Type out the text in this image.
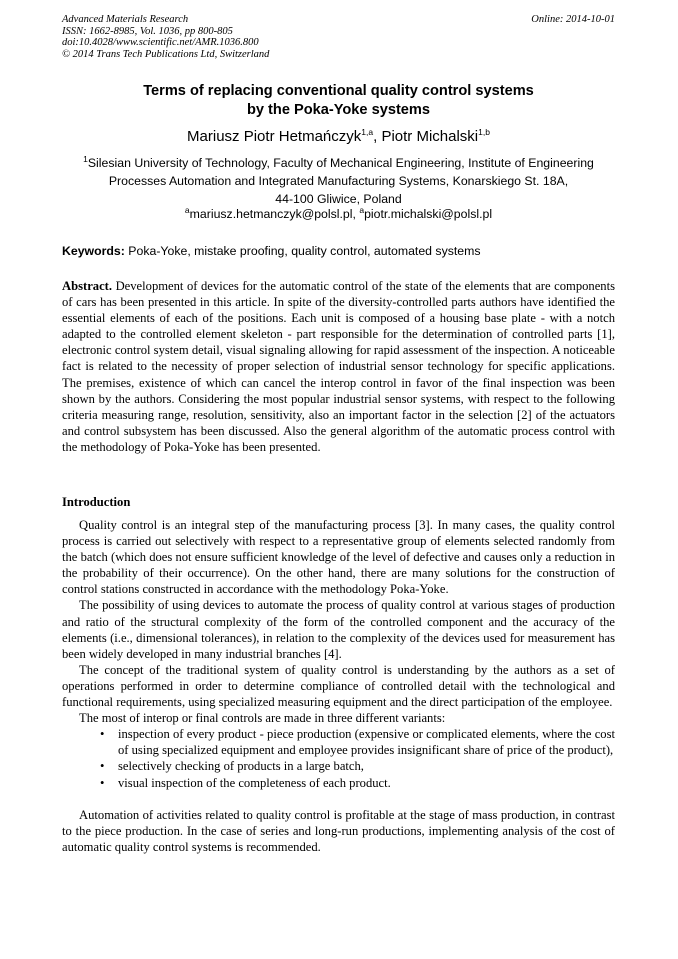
Advanced Materials Research
ISSN: 1662-8985, Vol. 1036, pp 800-805
doi:10.4028/www.scientific.net/AMR.1036.800
© 2014 Trans Tech Publications Ltd, Switzerland
Online: 2014-10-01
Terms of replacing conventional quality control systems
by the Poka-Yoke systems
Mariusz Piotr Hetmańczyk$^{1,a}$, Piotr Michalski$^{1,b}$
$^1$Silesian University of Technology, Faculty of Mechanical Engineering, Institute of Engineering
Processes Automation and Integrated Manufacturing Systems, Konarskiego St. 18A,
44-100 Gliwice, Poland
$^a$mariusz.hetmanczyk@polsl.pl, $^a$piotr.michalski@polsl.pl
Keywords: Poka-Yoke, mistake proofing, quality control, automated systems
Abstract. Development of devices for the automatic control of the state of the elements that are components of cars has been presented in this article. In spite of the diversity-controlled parts authors have identified the essential elements of each of the positions. Each unit is composed of a housing base plate - with a notch adapted to the controlled element skeleton - part responsible for the determination of controlled parts [1], electronic control system detail, visual signaling allowing for rapid assessment of the inspection. A noticeable fact is related to the necessity of proper selection of industrial sensor technology for specific applications. The premises, existence of which can cancel the interop control in favor of the final inspection was been shown by the authors. Considering the most popular industrial sensor systems, with respect to the following criteria measuring range, resolution, sensitivity, also an important factor in the selection [2] of the actuators and control subsystem has been discussed. Also the general algorithm of the automatic process control with the methodology of Poka-Yoke has been presented.
Introduction

Quality control is an integral step of the manufacturing process [3]. In many cases, the quality control process is carried out selectively with respect to a representative group of elements selected randomly from the batch (which does not ensure sufficient knowledge of the level of defective and causes only a reduction in the probability of their occurrence). On the other hand, there are many solutions for the construction of control stations constructed in accordance with the methodology Poka-Yoke.

The possibility of using devices to automate the process of quality control at various stages of production and ratio of the structural complexity of the form of the controlled component and the accuracy of the elements (i.e., dimensional tolerances), in relation to the complexity of the devices used for measurement has been widely developed in many industrial branches [4].

The concept of the traditional system of quality control is understanding by the authors as a set of operations performed in order to determine compliance of controlled detail with the technological and functional requirements, using specialized measuring equipment and the direct participation of the employee.

The most of interop or final controls are made in three different variants:

• inspection of every product - piece production (expensive or complicated elements, where the cost of using specialized equipment and employee provides insignificant share of price of the product),
• selectively checking of products in a large batch,
• visual inspection of the completeness of each product.

Automation of activities related to quality control is profitable at the stage of mass production, in contrast to the piece production. In the case of series and long-run productions, implementing analysis of the cost of automatic quality control systems is recommended.
